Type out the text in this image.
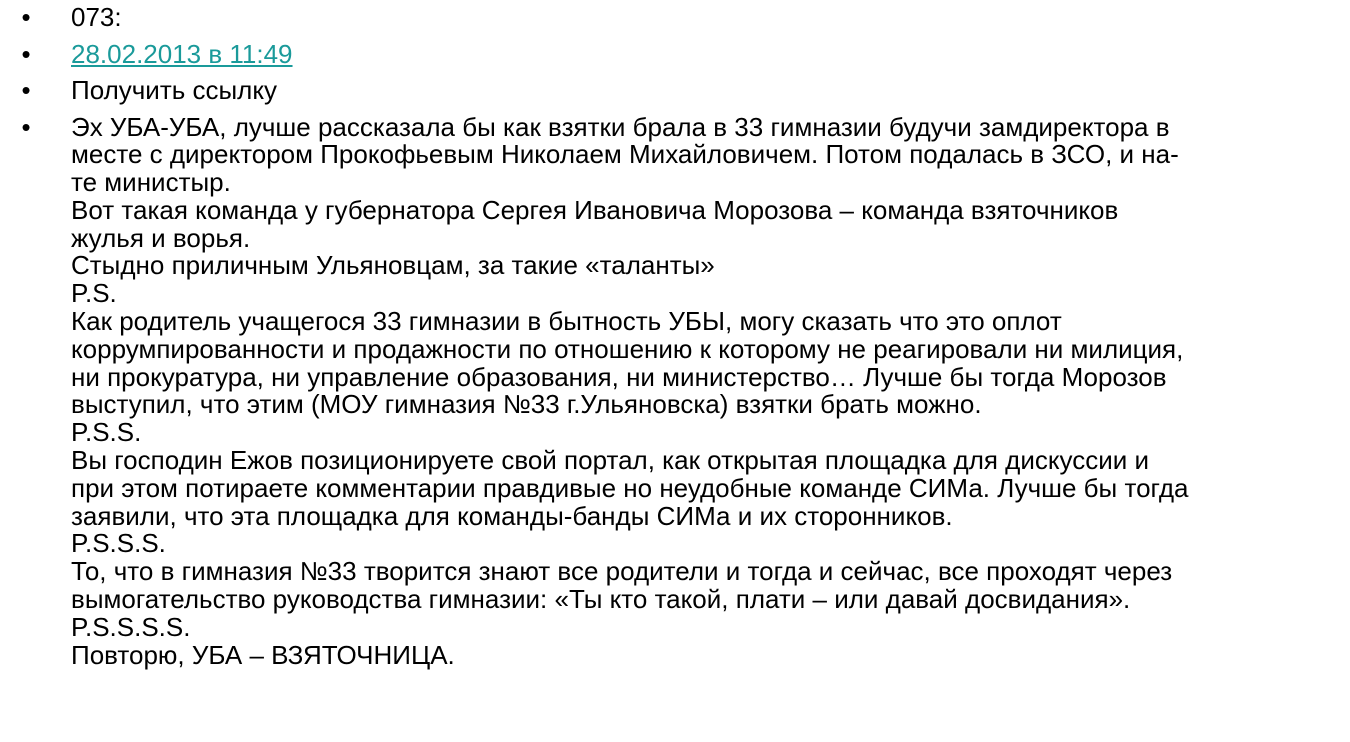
• 073:
• 28.02.2013 в 11:49
• Получить ссылку
• Эх УБА-УБА, лучше рассказала бы как взятки брала в 33 гимназии будучи замдиректора в
месте с директором Прокофьевым Николаем Михайловичем. Потом подалась в ЗСО, и на-
те министыр.
Вот такая команда у губернатора Сергея Ивановича Морозова – команда взяточников
жулья и ворья.
Стыдно приличным Ульяновцам, за такие «таланты»
P.S.
Как родитель учащегося 33 гимназии в бытность УБЫ, могу сказать что это оплот
коррумпированности и продажности по отношению к которому не реагировали ни милиция,
ни прокуратура, ни управление образования, ни министерство… Лучше бы тогда Морозов
выступил, что этим (МОУ гимназия №33 г.Ульяновска) взятки брать можно.
P.S.S.
Вы господин Ежов позиционируете свой портал, как открытая площадка для дискуссии и
при этом потираете комментарии правдивые но неудобные команде СИМа. Лучше бы тогда
заявили, что эта площадка для команды-банды СИМа и их сторонников.
P.S.S.S.
То, что в гимназия №33 творится знают все родители и тогда и сейчас, все проходят через
вымогательство руководства гимназии: «Ты кто такой, плати – или давай досвидания».
P.S.S.S.S.
Повторю, УБА – ВЗЯТОЧНИЦА.
